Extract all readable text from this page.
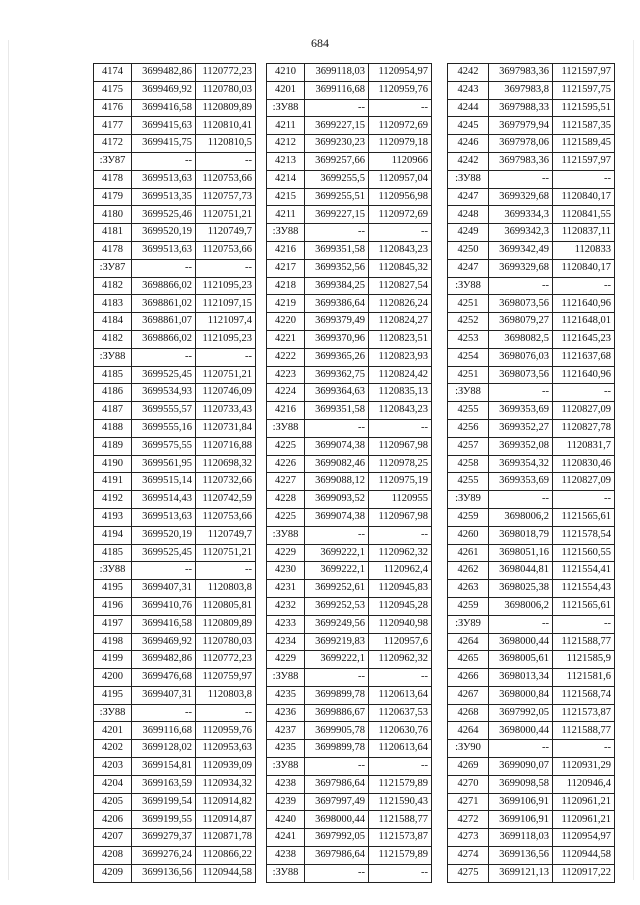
684
4174	3699482,86	1120772,23
4175	3699469,92	1120780,03
4176	3699416,58	1120809,89
4177	3699415,63	1120810,41
4172	3699415,75	1120810,5
:ЗУ87	--	--
4178	3699513,63	1120753,66
4179	3699513,35	1120757,73
4180	3699525,46	1120751,21
4181	3699520,19	1120749,7
4178	3699513,63	1120753,66
:ЗУ87	--	--
4182	3698866,02	1121095,23
4183	3698861,02	1121097,15
4184	3698861,07	1121097,4
4182	3698866,02	1121095,23
:ЗУ88	--	--
4185	3699525,45	1120751,21
4186	3699534,93	1120746,09
4187	3699555,57	1120733,43
4188	3699555,16	1120731,84
4189	3699575,55	1120716,88
4190	3699561,95	1120698,32
4191	3699515,14	1120732,66
4192	3699514,43	1120742,59
4193	3699513,63	1120753,66
4194	3699520,19	1120749,7
4185	3699525,45	1120751,21
:ЗУ88	--	--
4195	3699407,31	1120803,8
4196	3699410,76	1120805,81
4197	3699416,58	1120809,89
4198	3699469,92	1120780,03
4199	3699482,86	1120772,23
4200	3699476,68	1120759,97
4195	3699407,31	1120803,8
:ЗУ88	--	--
4201	3699116,68	1120959,76
4202	3699128,02	1120953,63
4203	3699154,81	1120939,09
4204	3699163,59	1120934,32
4205	3699199,54	1120914,82
4206	3699199,55	1120914,87
4207	3699279,37	1120871,78
4208	3699276,24	1120866,22
4209	3699136,56	1120944,58
4210	3699118,03	1120954,97
4201	3699116,68	1120959,76
:ЗУ88	--	--
4211	3699227,15	1120972,69
4212	3699230,23	1120979,18
4213	3699257,66	1120966
4214	3699255,5	1120957,04
4215	3699255,51	1120956,98
4211	3699227,15	1120972,69
:ЗУ88	--	--
4216	3699351,58	1120843,23
4217	3699352,56	1120845,32
4218	3699384,25	1120827,54
4219	3699386,64	1120826,24
4220	3699379,49	1120824,27
4221	3699370,96	1120823,51
4222	3699365,26	1120823,93
4223	3699362,75	1120824,42
4224	3699364,63	1120835,13
4216	3699351,58	1120843,23
:ЗУ88	--	--
4225	3699074,38	1120967,98
4226	3699082,46	1120978,25
4227	3699088,12	1120975,19
4228	3699093,52	1120955
4225	3699074,38	1120967,98
:ЗУ88	--	--
4229	3699222,1	1120962,32
4230	3699222,1	1120962,4
4231	3699252,61	1120945,83
4232	3699252,53	1120945,28
4233	3699249,56	1120940,98
4234	3699219,83	1120957,6
4229	3699222,1	1120962,32
:ЗУ88	--	--
4235	3699899,78	1120613,64
4236	3699886,67	1120637,53
4237	3699905,78	1120630,76
4235	3699899,78	1120613,64
:ЗУ88	--	--
4238	3697986,64	1121579,89
4239	3697997,49	1121590,43
4240	3698000,44	1121588,77
4241	3697992,05	1121573,87
4238	3697986,64	1121579,89
:ЗУ88	--	--
4242	3697983,36	1121597,97
4243	3697983,8	1121597,75
4244	3697988,33	1121595,51
4245	3697979,94	1121587,35
4246	3697978,06	1121589,45
4242	3697983,36	1121597,97
:ЗУ88	--	--
4247	3699329,68	1120840,17
4248	3699334,3	1120841,55
4249	3699342,3	1120837,11
4250	3699342,49	1120833
4247	3699329,68	1120840,17
:ЗУ88	--	--
4251	3698073,56	1121640,96
4252	3698079,27	1121648,01
4253	3698082,5	1121645,23
4254	3698076,03	1121637,68
4251	3698073,56	1121640,96
:ЗУ88	--	--
4255	3699353,69	1120827,09
4256	3699352,27	1120827,78
4257	3699352,08	1120831,7
4258	3699354,32	1120830,46
4255	3699353,69	1120827,09
:ЗУ89	--	--
4259	3698006,2	1121565,61
4260	3698018,79	1121578,54
4261	3698051,16	1121560,55
4262	3698044,81	1121554,41
4263	3698025,38	1121554,43
4259	3698006,2	1121565,61
:ЗУ89	--	--
4264	3698000,44	1121588,77
4265	3698005,61	1121585,9
4266	3698013,34	1121581,6
4267	3698000,84	1121568,74
4268	3697992,05	1121573,87
4264	3698000,44	1121588,77
:ЗУ90	--	--
4269	3699090,07	1120931,29
4270	3699098,58	1120946,4
4271	3699106,91	1120961,21
4272	3699106,91	1120961,21
4273	3699118,03	1120954,97
4274	3699136,56	1120944,58
4275	3699121,13	1120917,22
